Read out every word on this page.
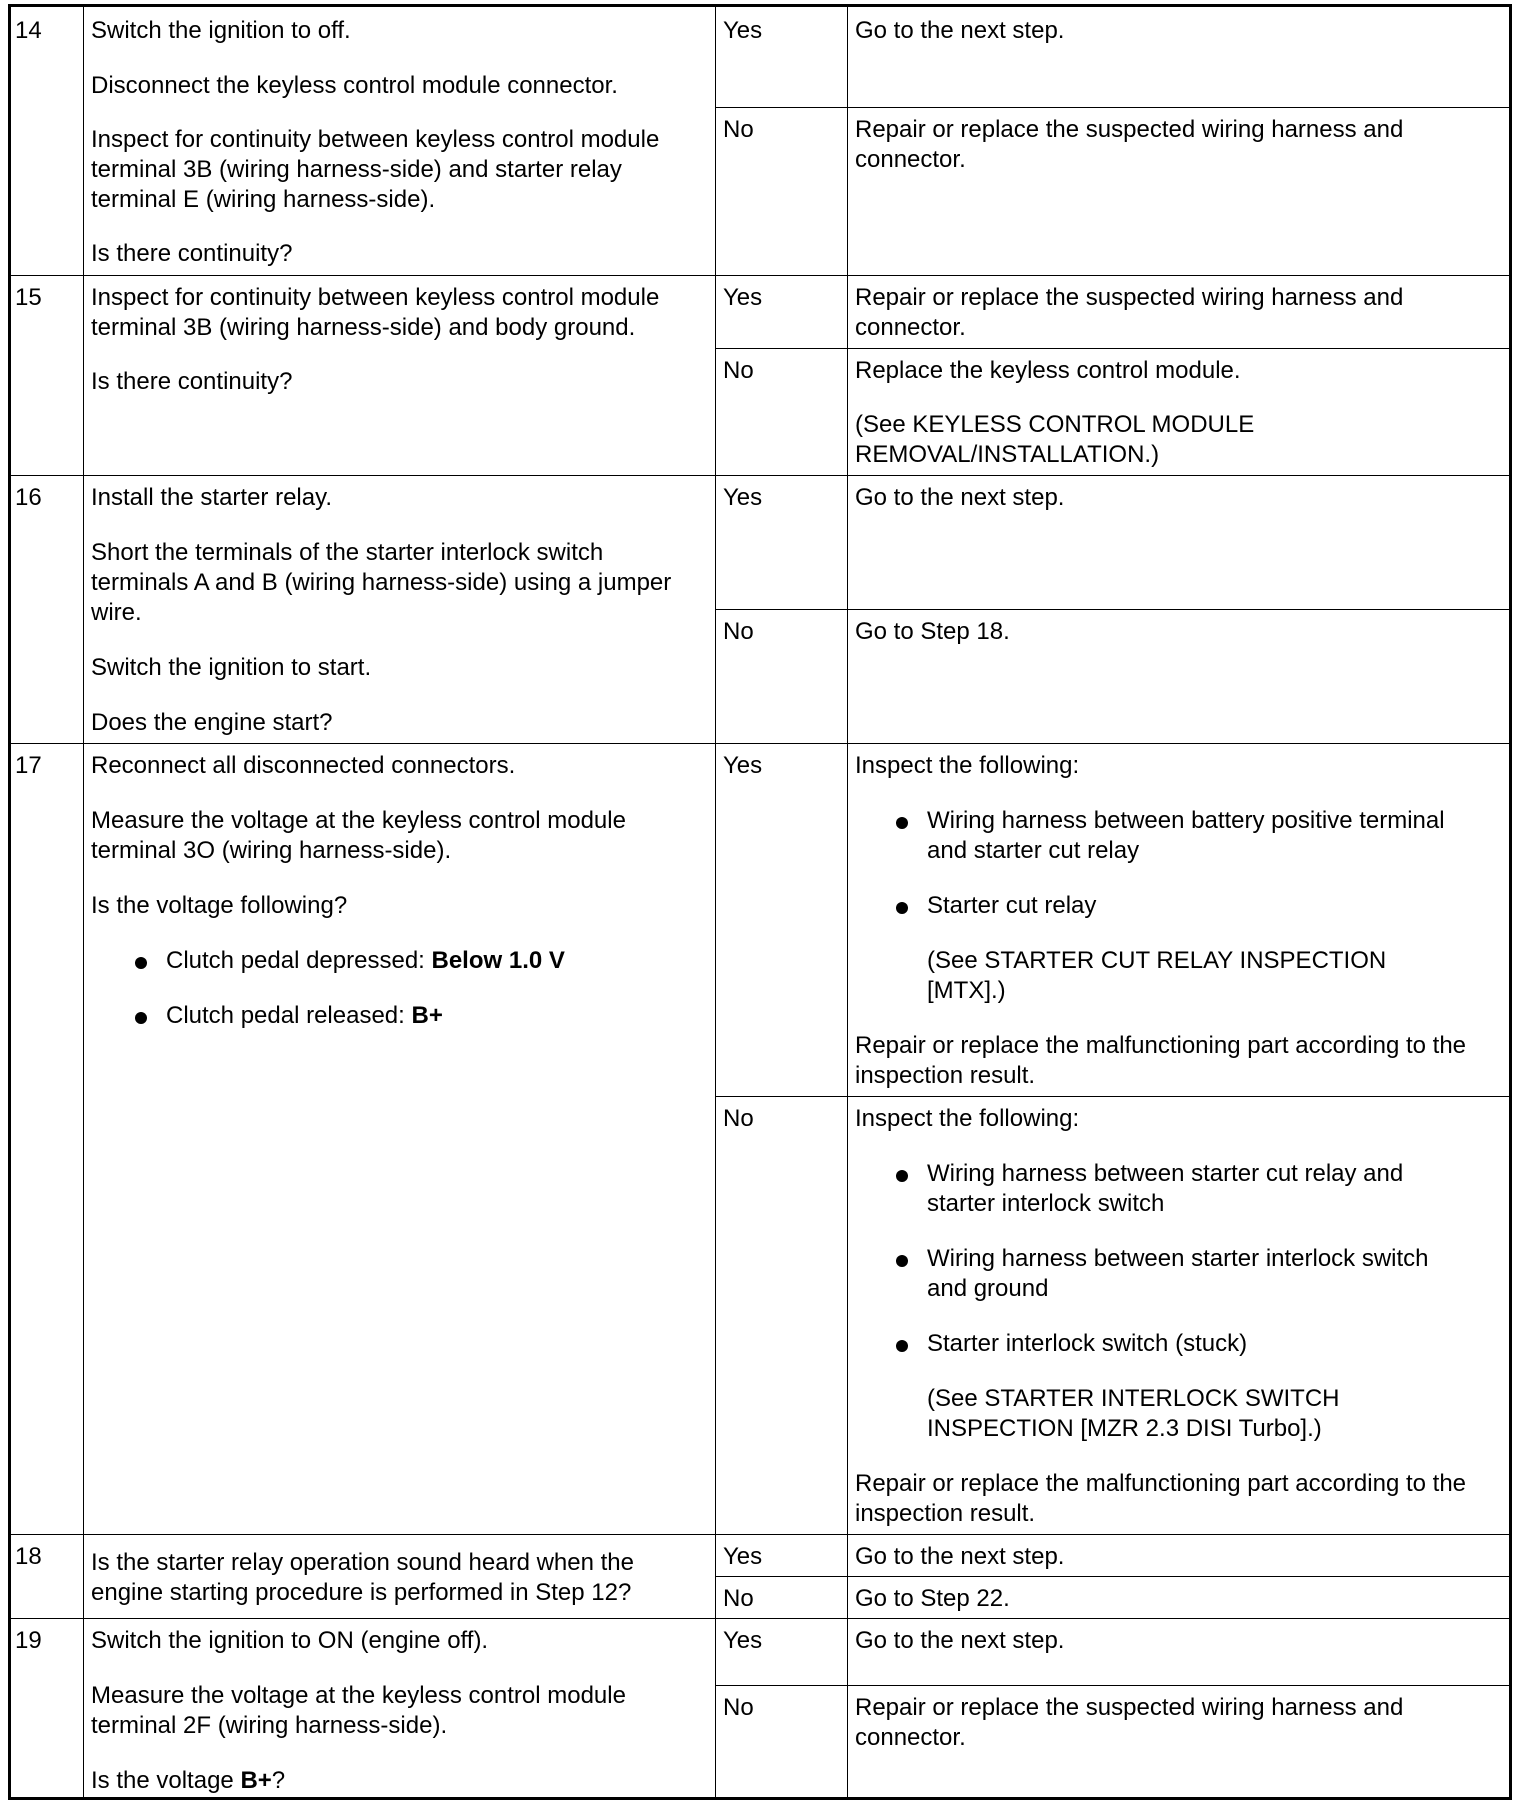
14 Switch the ignition to off.
Disconnect the keyless control module connector.
Inspect for continuity between keyless control module
terminal 3B (wiring harness-side) and starter relay
terminal E (wiring harness-side).
Is there continuity?
Yes	Go to the next step.
No	Repair or replace the suspected wiring harness and
connector.
15 Inspect for continuity between keyless control module
terminal 3B (wiring harness-side) and body ground.
Is there continuity?
Yes	Repair or replace the suspected wiring harness and
connector.
No	Replace the keyless control module.
(See KEYLESS CONTROL MODULE
REMOVAL/INSTALLATION.)
16 Install the starter relay.
Short the terminals of the starter interlock switch
terminals A and B (wiring harness-side) using a jumper
wire.
Switch the ignition to start.
Does the engine start?
Yes	Go to the next step.
No	Go to Step 18.
17 Reconnect all disconnected connectors.
Measure the voltage at the keyless control module
terminal 3O (wiring harness-side).
Is the voltage following?
Clutch pedal depressed: Below 1.0 V
Clutch pedal released: B+
Yes	Inspect the following:
Wiring harness between battery positive terminal
and starter cut relay
Starter cut relay
(See STARTER CUT RELAY INSPECTION
[MTX].)
Repair or replace the malfunctioning part according to the
inspection result.
No	Inspect the following:
Wiring harness between starter cut relay and
starter interlock switch
Wiring harness between starter interlock switch
and ground
Starter interlock switch (stuck)
(See STARTER INTERLOCK SWITCH
INSPECTION [MZR 2.3 DISI Turbo].)
Repair or replace the malfunctioning part according to the
inspection result.
18 Is the starter relay operation sound heard when the
engine starting procedure is performed in Step 12?
Yes	Go to the next step.
No	Go to Step 22.
19 Switch the ignition to ON (engine off).
Measure the voltage at the keyless control module
terminal 2F (wiring harness-side).
Is the voltage B+?
Yes	Go to the next step.
No	Repair or replace the suspected wiring harness and
connector.
